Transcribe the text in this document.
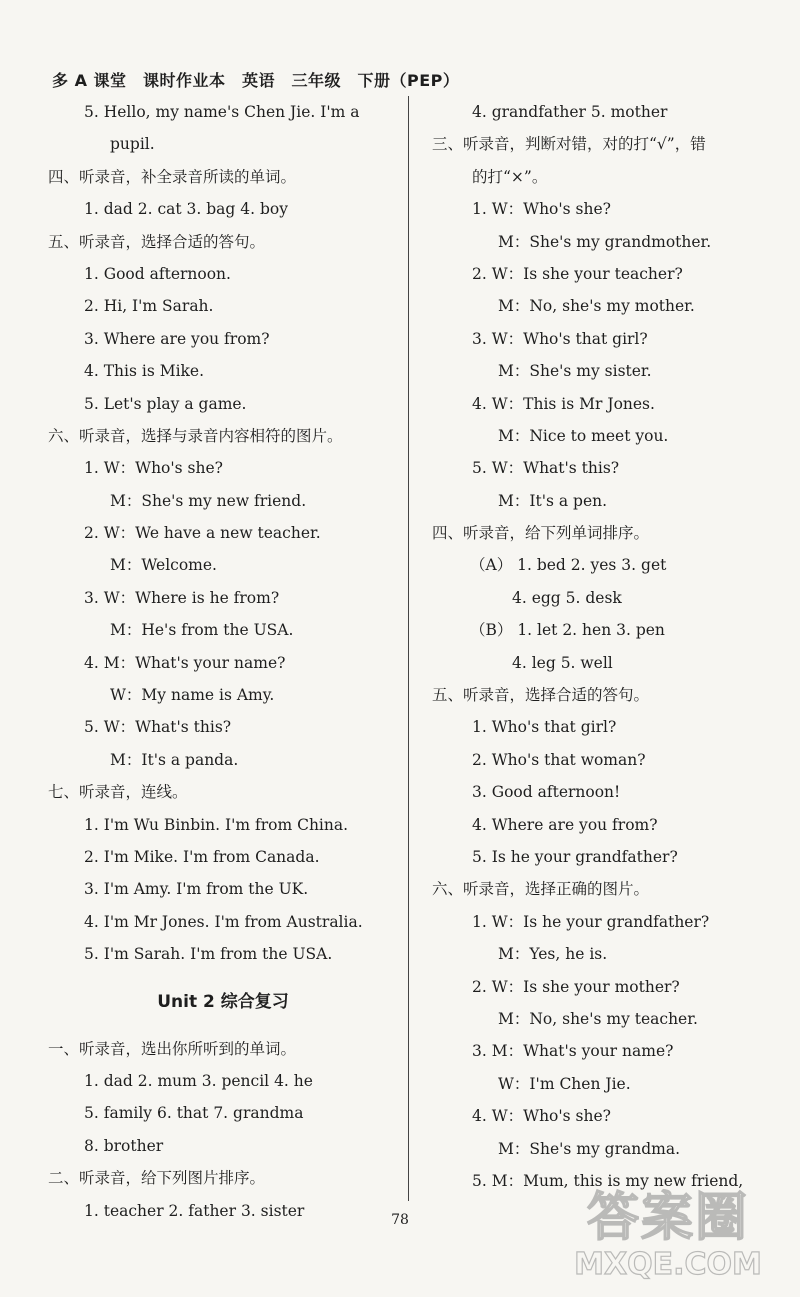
多 A 课堂　课时作业本　英语　三年级　下册（PEP）
5. Hello, my name's Chen Jie. I'm a
pupil.
四、听录音，补全录音所读的单词。
1. dad 2. cat 3. bag 4. boy
五、听录音，选择合适的答句。
1. Good afternoon.
2. Hi, I'm Sarah.
3. Where are you from?
4. This is Mike.
5. Let's play a game.
六、听录音，选择与录音内容相符的图片。
1. W：Who's she?
M：She's my new friend.
2. W：We have a new teacher.
M：Welcome.
3. W：Where is he from?
M：He's from the USA.
4. M：What's your name?
W：My name is Amy.
5. W：What's this?
M：It's a panda.
七、听录音，连线。
1. I'm Wu Binbin. I'm from China.
2. I'm Mike. I'm from Canada.
3. I'm Amy. I'm from the UK.
4. I'm Mr Jones. I'm from Australia.
5. I'm Sarah. I'm from the USA.
Unit 2 综合复习
一、听录音，选出你所听到的单词。
1. dad 2. mum 3. pencil 4. he
5. family 6. that 7. grandma
8. brother
二、听录音，给下列图片排序。
1. teacher 2. father 3. sister
4. grandfather 5. mother
三、听录音，判断对错，对的打“√”，错
的打“×”。
1. W：Who's she?
M：She's my grandmother.
2. W：Is she your teacher?
M：No, she's my mother.
3. W：Who's that girl?
M：She's my sister.
4. W：This is Mr Jones.
M：Nice to meet you.
5. W：What's this?
M：It's a pen.
四、听录音，给下列单词排序。
（A） 1. bed 2. yes 3. get
4. egg 5. desk
（B） 1. let 2. hen 3. pen
4. leg 5. well
五、听录音，选择合适的答句。
1. Who's that girl?
2. Who's that woman?
3. Good afternoon!
4. Where are you from?
5. Is he your grandfather?
六、听录音，选择正确的图片。
1. W：Is he your grandfather?
M：Yes, he is.
2. W：Is she your mother?
M：No, she's my teacher.
3. M：What's your name?
W：I'm Chen Jie.
4. W：Who's she?
M：She's my grandma.
5. M：Mum, this is my new friend,
78	答案圈
MXQE.COM
